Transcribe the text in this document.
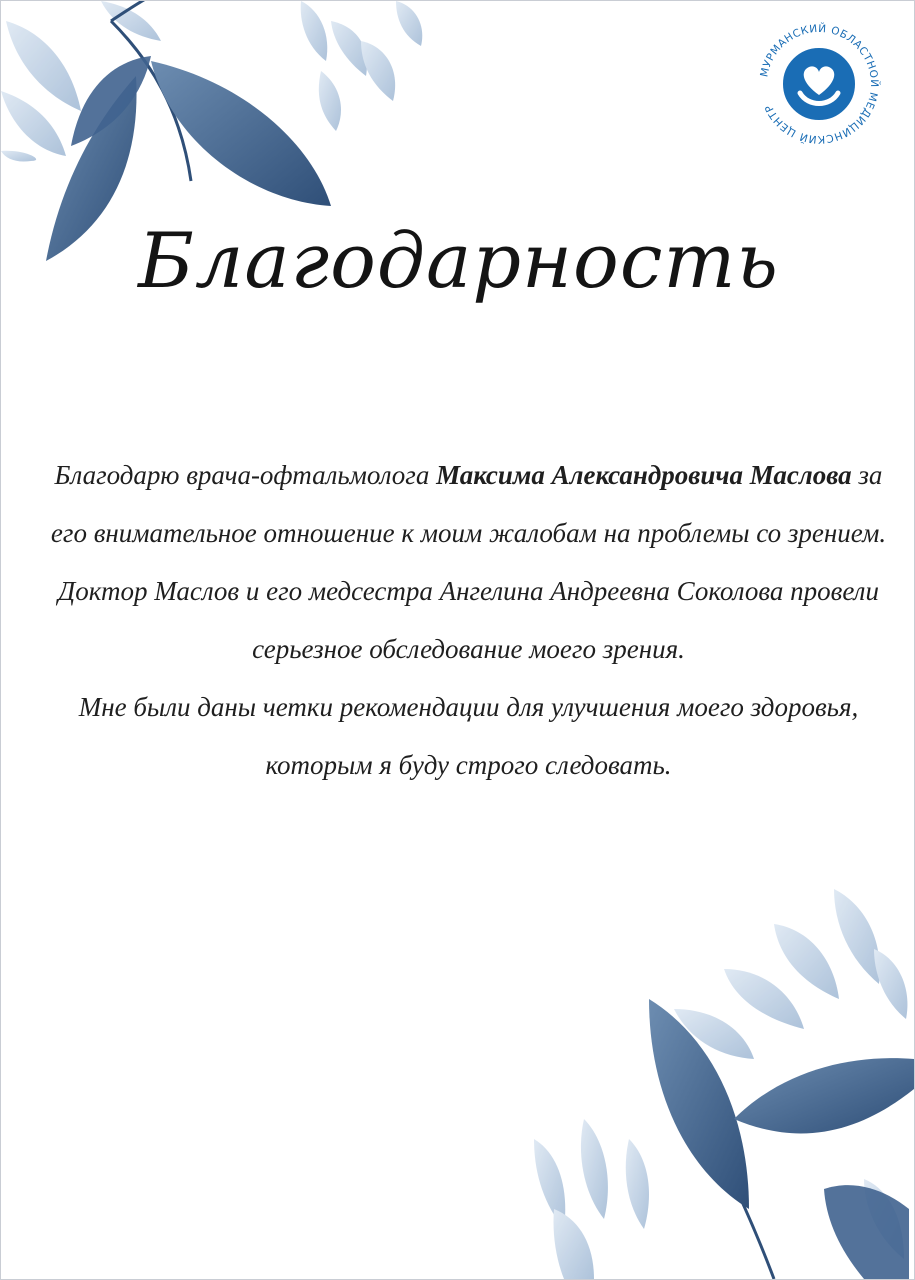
МУРМАНСКИЙ ОБЛАСТНОЙ МЕДИЦИНСКИЙ ЦЕНТР
Благодарность
Благодарю врача-офтальмолога Максима Александровича Маслова за его внимательное отношение к моим жалобам на проблемы со зрением.
Доктор Маслов и его медсестра Ангелина Андреевна Соколова провели серьезное обследование моего зрения.
Мне были даны четки рекомендации для улучшения моего здоровья, которым я буду строго следовать.
